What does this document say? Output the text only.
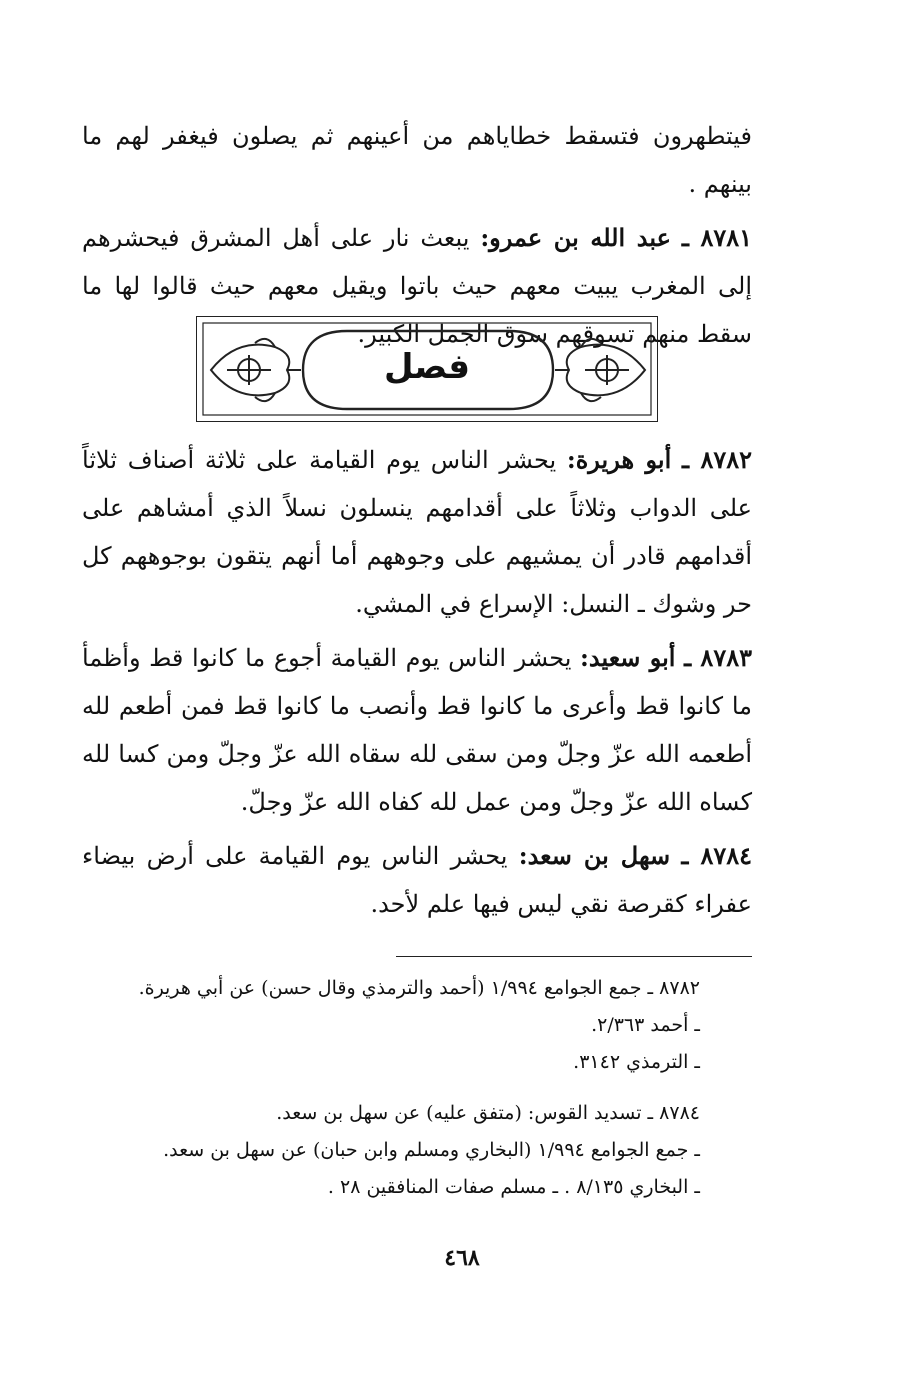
فيتطهرون فتسقط خطاياهم من أعينهم ثم يصلون فيغفر لهم ما بينهم .

٨٧٨١ ـ عبد الله بن عمرو: يبعث نار على أهل المشرق فيحشرهم إلى المغرب يبيت معهم حيث باتوا ويقيل معهم حيث قالوا لها ما سقط منهم تسوقهم سوق الجمل الكبير.

فصل

٨٧٨٢ ـ أبو هريرة: يحشر الناس يوم القيامة على ثلاثة أصناف ثلاثاً على الدواب وثلاثاً على أقدامهم ينسلون نسلاً الذي أمشاهم على أقدامهم قادر أن يمشيهم على وجوههم أما أنهم يتقون بوجوههم كل حر وشوك ـ النسل: الإسراع في المشي.

٨٧٨٣ ـ أبو سعيد: يحشر الناس يوم القيامة أجوع ما كانوا قط وأظمأ ما كانوا قط وأعرى ما كانوا قط وأنصب ما كانوا قط فمن أطعم لله أطعمه الله عزّ وجلّ ومن سقى لله سقاه الله عزّ وجلّ ومن كسا لله كساه الله عزّ وجلّ ومن عمل لله كفاه الله عزّ وجلّ.

٨٧٨٤ ـ سهل بن سعد: يحشر الناس يوم القيامة على أرض بيضاء عفراء كقرصة نقي ليس فيها علم لأحد.

٨٧٨٢ ـ جمع الجوامع ١/٩٩٤ (أحمد والترمذي وقال حسن) عن أبي هريرة.

ـ أحمد ٢/٣٦٣.

ـ الترمذي ٣١٤٢.

٨٧٨٤ ـ تسديد القوس: (متفق عليه) عن سهل بن سعد.

ـ جمع الجوامع ١/٩٩٤ (البخاري ومسلم وابن حبان) عن سهل بن سعد.

ـ البخاري ٨/١٣٥ . ـ مسلم صفات المنافقين ٢٨ .

٤٦٨
